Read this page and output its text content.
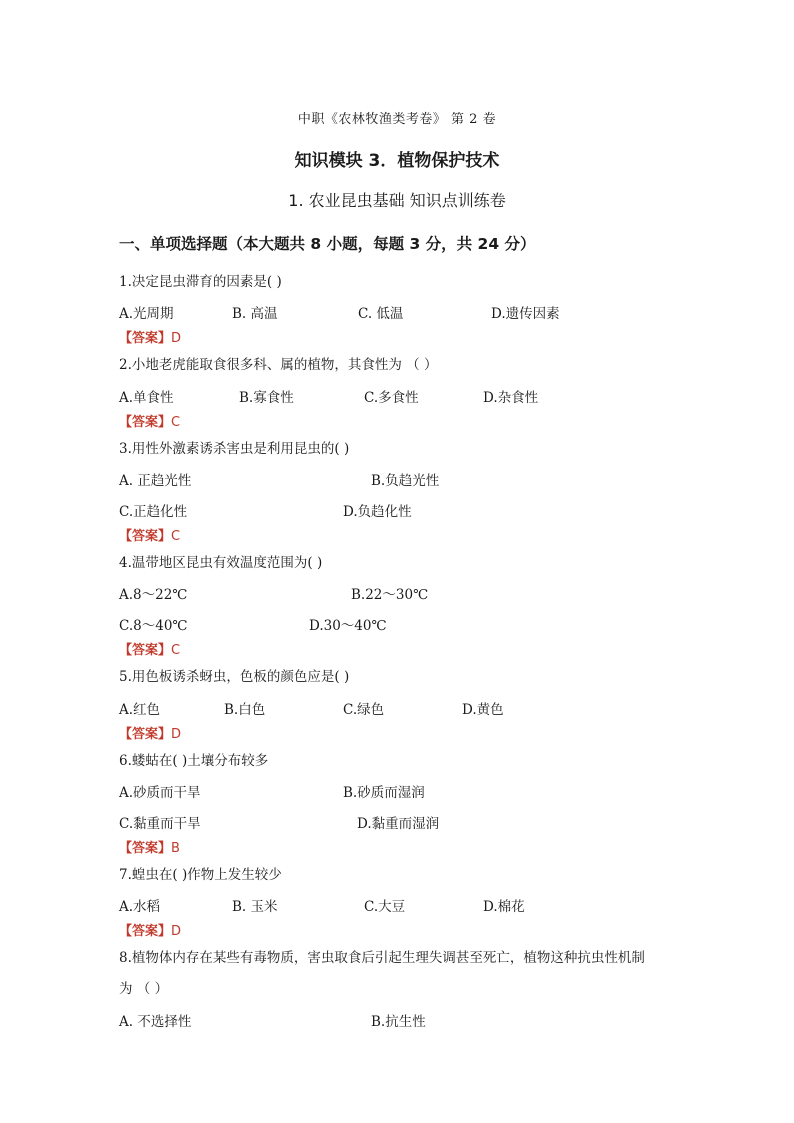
中职《农林牧渔类考卷》 第 2 卷
知识模块 3．植物保护技术
1. 农业昆虫基础 知识点训练卷
一、单项选择题（本大题共 8 小题，每题 3 分，共 24 分）
1.决定昆虫滞育的因素是( )
A.光周期	B. 高温	C. 低温	D.遗传因素
【答案】D
2.小地老虎能取食很多科、属的植物，其食性为 （ ）
A.单食性	B.寡食性	C.多食性	D.杂食性
【答案】C
3.用性外激素诱杀害虫是利用昆虫的( )
A. 正趋光性	B.负趋光性
C.正趋化性	D.负趋化性
【答案】C
4.温带地区昆虫有效温度范围为( )
A.8～22℃	B.22～30℃
C.8～40℃	D.30～40℃
【答案】C
5.用色板诱杀蚜虫，色板的颜色应是( )
A.红色	B.白色	C.绿色	D.黄色
【答案】D
6.蝼蛄在( )土壤分布较多
A.砂质而干旱	B.砂质而湿润
C.黏重而干旱	D.黏重而湿润
【答案】B
7.蝗虫在( )作物上发生较少
A.水稻	B. 玉米	C.大豆	D.棉花
【答案】D
8.植物体内存在某些有毒物质，害虫取食后引起生理失调甚至死亡，植物这种抗虫性机制
为 （ ）
A. 不选择性	B.抗生性
